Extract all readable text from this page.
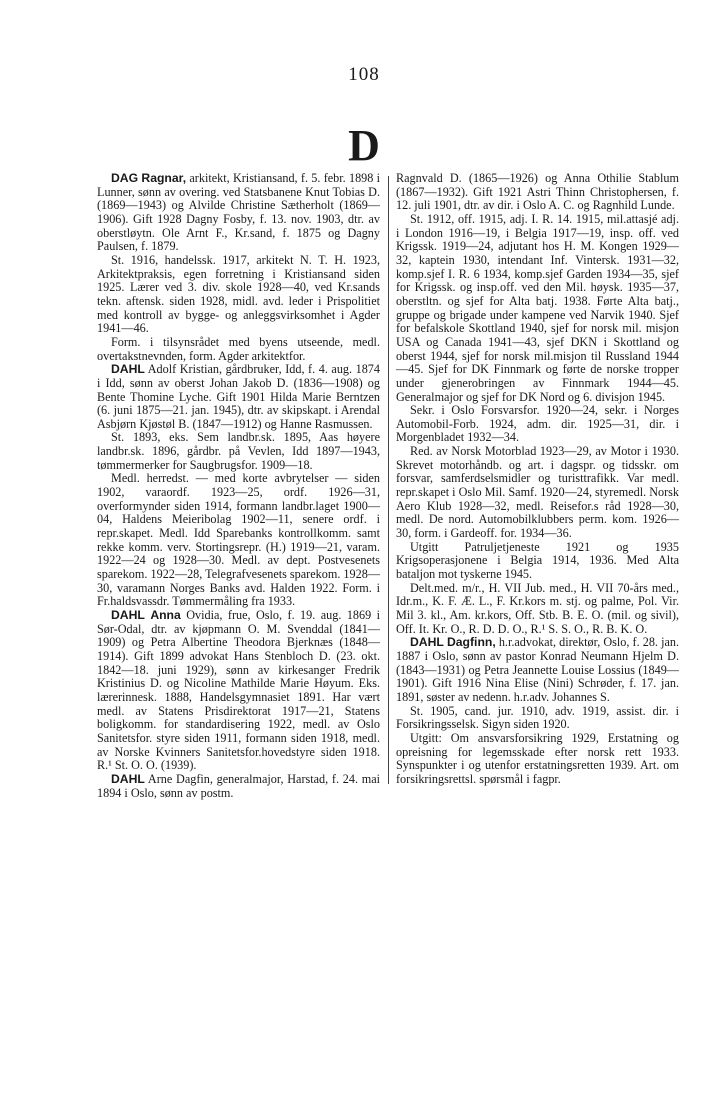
108
D

DAG Ragnar, arkitekt, Kristiansand, f. 5. febr. 1898 i Lunner, sønn av overing. ved Statsbanene Knut Tobias D. (1869—1943) og Alvilde Christine Sætherholt (1869—1906). Gift 1928 Dagny Fosby, f. 13. nov. 1903, dtr. av oberstløytn. Ole Arnt F., Kr.sand, f. 1875 og Dagny Paulsen, f. 1879.

St. 1916, handelssk. 1917, arkitekt N. T. H. 1923, Arkitektpraksis, egen forretning i Kristiansand siden 1925. Lærer ved 3. div. skole 1928—40, ved Kr.sands tekn. aftensk. siden 1928, midl. avd. leder i Prispolitiet med kontroll av bygge- og anleggsvirksomhet i Agder 1941—46.

Form. i tilsynsrådet med byens utseende, medl. overtakstnevnden, form. Agder arkitektfor.

DAHL Adolf Kristian, gårdbruker, Idd, f. 4. aug. 1874 i Idd, sønn av oberst Johan Jakob D. (1836—1908) og Bente Thomine Lyche. Gift 1901 Hilda Marie Berntzen (6. juni 1875—21. jan. 1945), dtr. av skipskapt. i Arendal Asbjørn Kjøstøl B. (1847—1912) og Hanne Rasmussen.

St. 1893, eks. Sem landbr.sk. 1895, Aas høyere landbr.sk. 1896, gårdbr. på Vevlen, Idd 1897—1943, tømmermerker for Saugbrugsfor. 1909—18.

Medl. herredst. — med korte avbrytelser — siden 1902, varaordf. 1923—25, ordf. 1926—31, overformynder siden 1914, formann landbr.laget 1900—04, Haldens Meieribolag 1902—11, senere ordf. i repr.skapet. Medl. Idd Sparebanks kontrollkomm. samt rekke komm. verv. Stortingsrepr. (H.) 1919—21, varam. 1922—24 og 1928—30. Medl. av dept. Postvesenets sparekom. 1922—28, Telegrafvesenets sparekom. 1928—30, varamann Norges Banks avd. Halden 1922. Form. i Fr.haldsvassdr. Tømmermåling fra 1933.

DAHL Anna Ovidia, frue, Oslo, f. 19. aug. 1869 i Sør-Odal, dtr. av kjøpmann O. M. Svenddal (1841—1909) og Petra Albertine Theodora Bjerknæs (1848—1914). Gift 1899 advokat Hans Stenbloch D. (23. okt. 1842—18. juni 1929), sønn av kirkesanger Fredrik Kristinius D. og Nicoline Mathilde Marie Høyum. Eks. lærerinnesk. 1888, Handelsgymnasiet 1891. Har vært medl. av Statens Prisdirektorat 1917—21, Statens boligkomm. for standardisering 1922, medl. av Oslo Sanitetsfor. styre siden 1911, formann siden 1918, medl. av Norske Kvinners Sanitetsfor.hovedstyre siden 1918. R.¹ St. O. O. (1939).

DAHL Arne Dagfin, generalmajor, Harstad, f. 24. mai 1894 i Oslo, sønn av postm.

Ragnvald D. (1865—1926) og Anna Othilie Stablum (1867—1932). Gift 1921 Astri Thinn Christophersen, f. 12. juli 1901, dtr. av dir. i Oslo A. C. og Ragnhild Lunde.

St. 1912, off. 1915, adj. I. R. 14. 1915, mil.attasjé adj. i London 1916—19, i Belgia 1917—19, insp. off. ved Krigssk. 1919—24, adjutant hos H. M. Kongen 1929—32, kaptein 1930, intendant Inf. Vintersk. 1931—32, komp.sjef I. R. 6 1934, komp.sjef Garden 1934—35, sjef for Krigssk. og insp.off. ved den Mil. høysk. 1935—37, oberstltn. og sjef for Alta batj. 1938. Førte Alta batj., gruppe og brigade under kampene ved Narvik 1940. Sjef for befalskole Skottland 1940, sjef for norsk mil. misjon USA og Canada 1941—43, sjef DKN i Skottland og oberst 1944, sjef for norsk mil.misjon til Russland 1944—45. Sjef for DK Finnmark og førte de norske tropper under gjenerobringen av Finnmark 1944—45. Generalmajor og sjef for DK Nord og 6. divisjon 1945.

Sekr. i Oslo Forsvarsfor. 1920—24, sekr. i Norges Automobil-Forb. 1924, adm. dir. 1925—31, dir. i Morgenbladet 1932—34.

Red. av Norsk Motorblad 1923—29, av Motor i 1930. Skrevet motorhåndb. og art. i dagspr. og tidsskr. om forsvar, samferdselsmidler og turisttrafikk. Var medl. repr.skapet i Oslo Mil. Samf. 1920—24, styremedl. Norsk Aero Klub 1928—32, medl. Reisefor.s råd 1928—30, medl. De nord. Automobilklubbers perm. kom. 1926—30, form. i Gardeoff. for. 1934—36.

Utgitt Patruljetjeneste 1921 og 1935 Krigsoperasjonene i Belgia 1914, 1936. Med Alta bataljon mot tyskerne 1945.

Delt.med. m/r., H. VII Jub. med., H. VII 70-års med., Idr.m., K. F. Æ. L., F. Kr.kors m. stj. og palme, Pol. Vir. Mil 3. kl., Am. kr.kors, Off. Stb. B. E. O. (mil. og sivil), Off. It. Kr. O., R. D. D. O., R.¹ S. S. O., R. B. K. O.

DAHL Dagfinn, h.r.advokat, direktør, Oslo, f. 28. jan. 1887 i Oslo, sønn av pastor Konrad Neumann Hjelm D. (1843—1931) og Petra Jeannette Louise Lossius (1849—1901). Gift 1916 Nina Elise (Nini) Schrøder, f. 17. jan. 1891, søster av nedenn. h.r.adv. Johannes S.

St. 1905, cand. jur. 1910, adv. 1919, assist. dir. i Forsikringsselsk. Sigyn siden 1920.

Utgitt: Om ansvarsforsikring 1929, Erstatning og opreisning for legemsskade efter norsk rett 1933. Synspunkter i og utenfor erstatningsretten 1939. Art. om forsikringsrettsl. spørsmål i fagpr.
